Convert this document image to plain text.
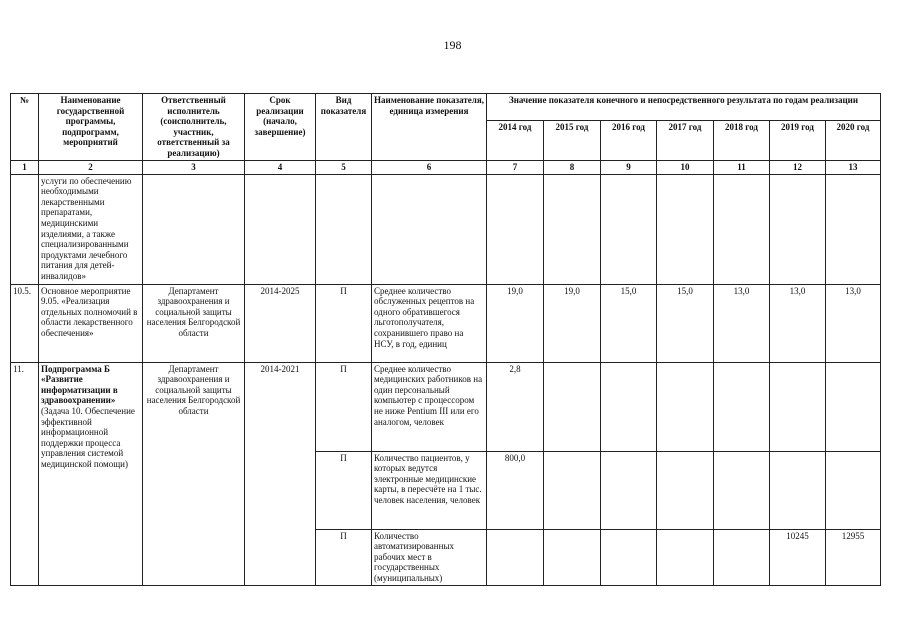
198
№	Наименование государственной программы, подпрограмм, мероприятий	Ответственный исполнитель (соисполнитель, участник, ответственный за реализацию)	Срок реализации (начало, завершение)	Вид показателя	Наименование показателя, единица измерения	Значение показателя конечного и непосредственного результата по годам реализации						
						2014 год	2015 год	2016 год	2017 год	2018 год	2019 год	2020 год
1	2	3	4	5	6	7	8	9	10	11	12	13
	услуги по обеспечению необходимыми лекарственными препаратами, медицинскими изделиями, а также специализированными продуктами лечебного питания для детей-инвалидов»											
10.5.	Основное мероприятие 9.05. «Реализация отдельных полномочий в области лекарственного обеспечения»	Департамент здравоохранения и социальной защиты населения Белгородской области	2014-2025	П	Среднее количество обслуженных рецептов на одного обратившегося льготополучателя, сохранившего право на НСУ, в год, единиц	19,0	19,0	15,0	15,0	13,0	13,0	13,0
11.	Подпрограмма Б «Развитие информатизации в здравоохранении» (Задача 10. Обеспечение эффективной информационной поддержки процесса управления системой медицинской помощи)	Департамент здравоохранения и социальной защиты населения Белгородской области	2014-2021	П	Среднее количество медицинских работников на один персональный компьютер с процессором не ниже Pentium III или его аналогом, человек	2,8						
				П	Количество пациентов, у которых ведутся электронные медицинские карты, в пересчёте на 1 тыс. человек населения, человек	800,0						
				П	Количество автоматизированных рабочих мест в государственных (муниципальных)						10245	12955
